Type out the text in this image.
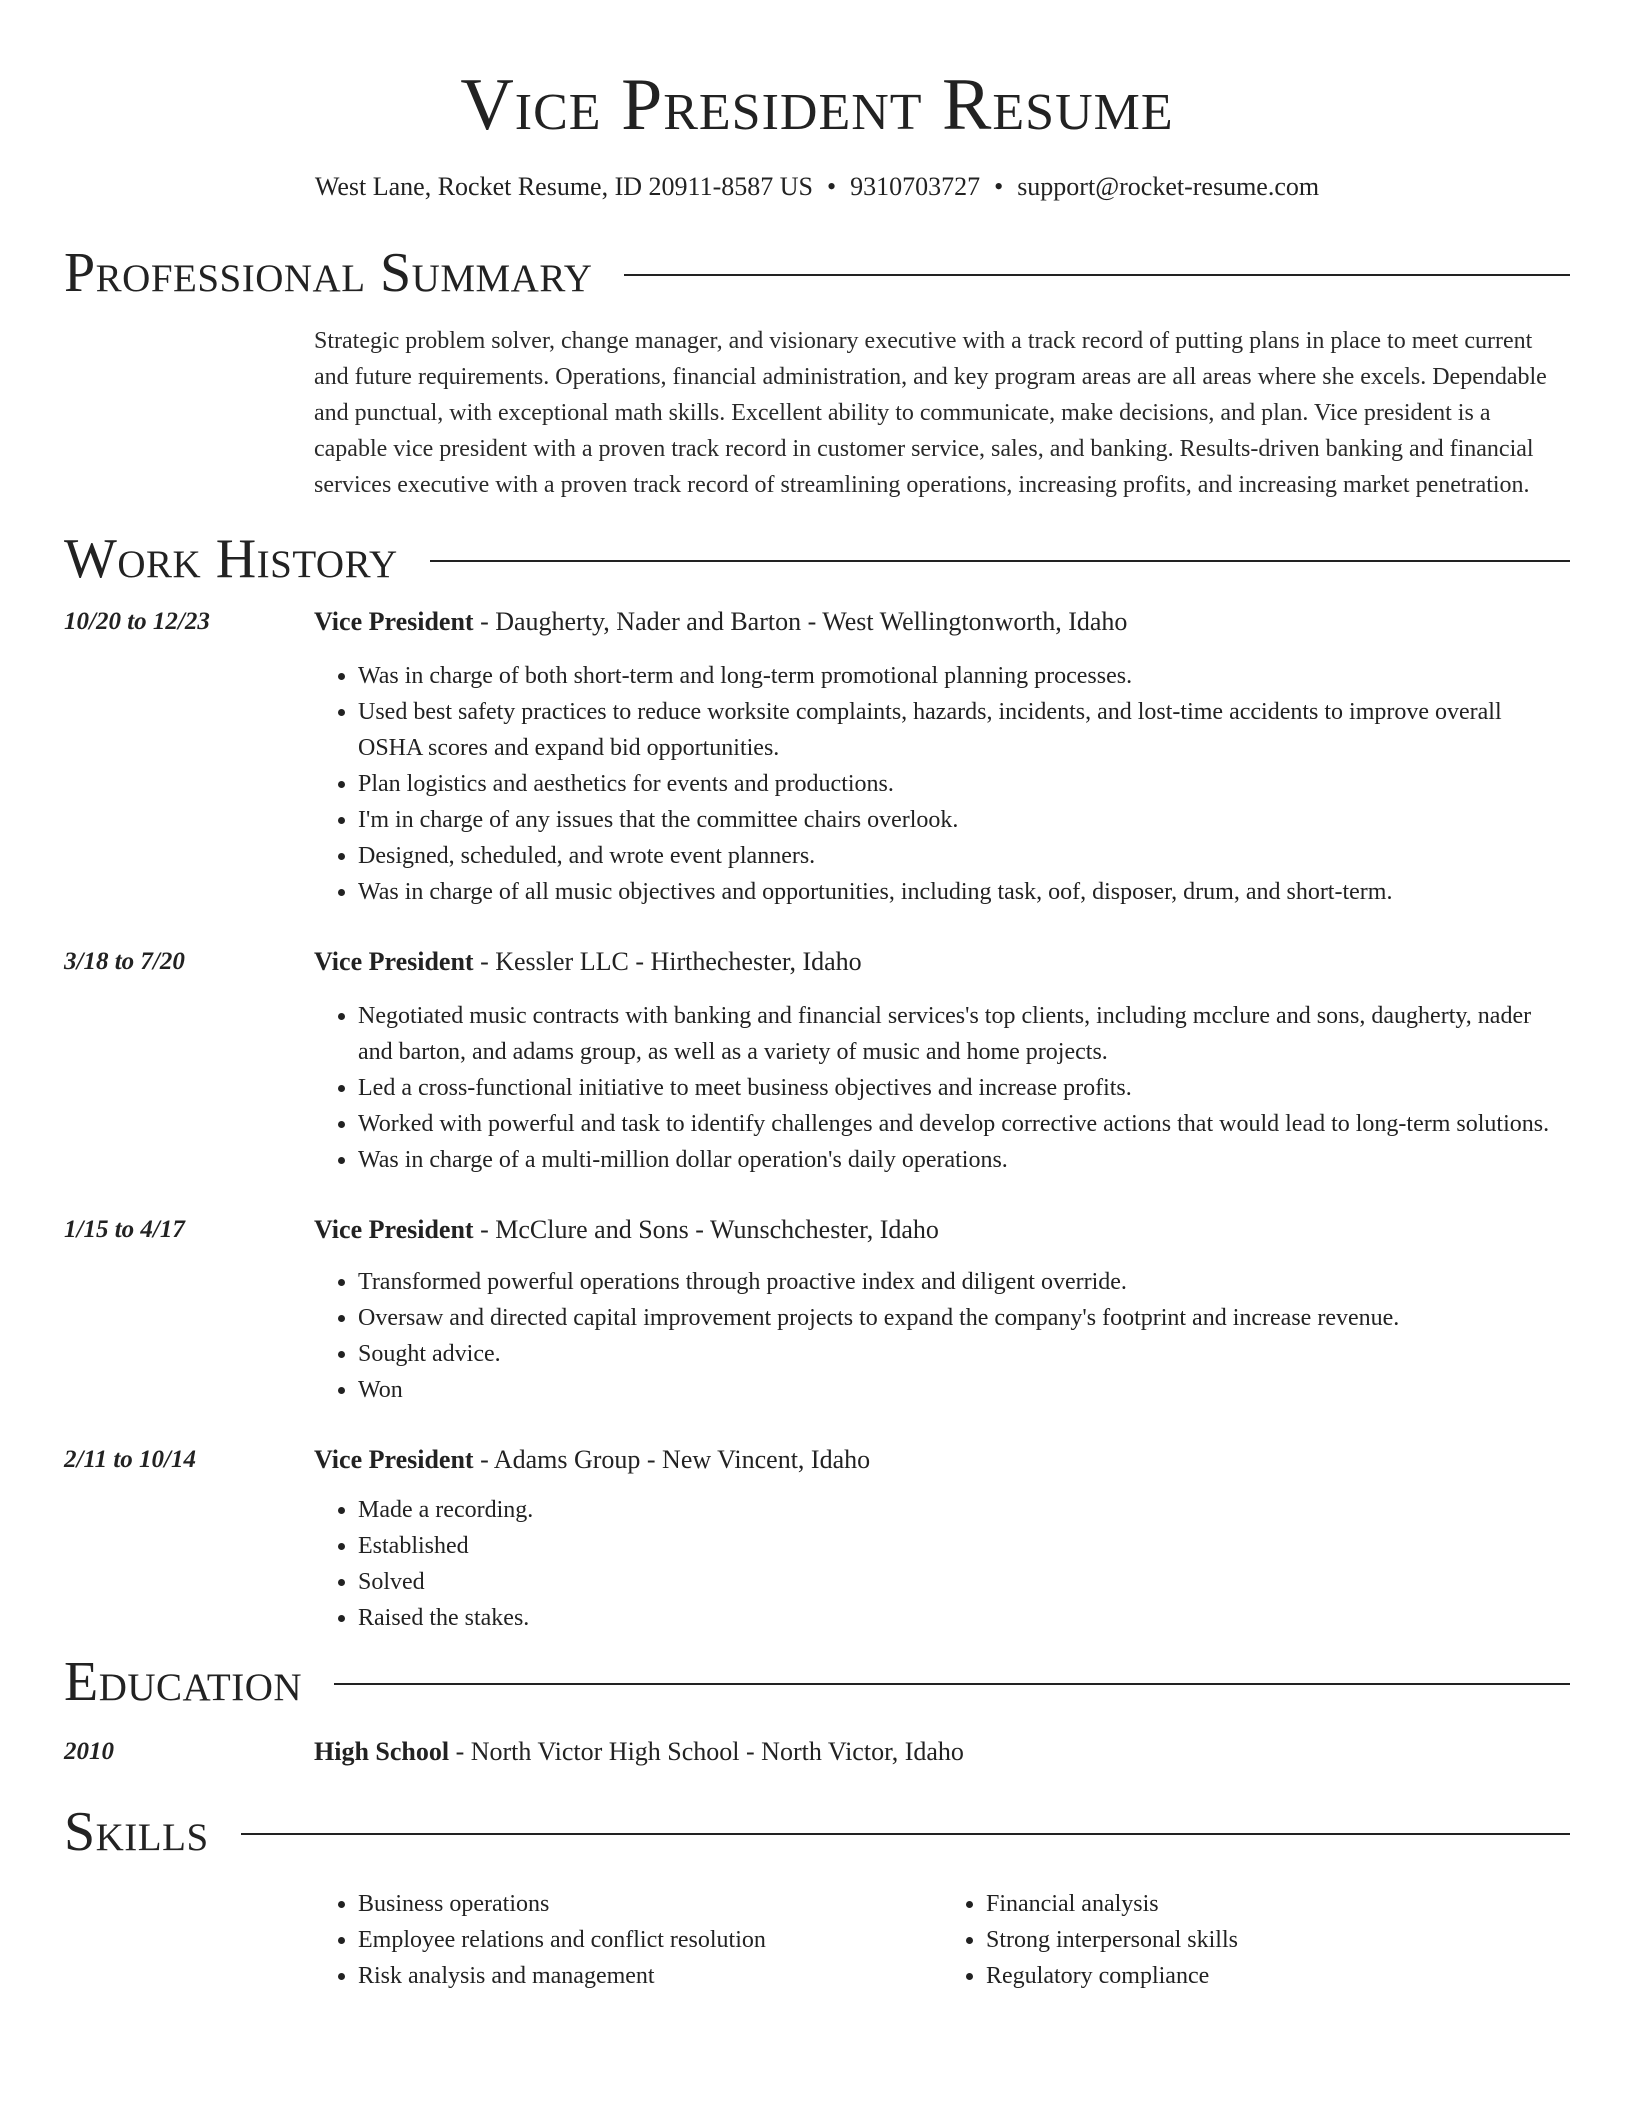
Vice President Resume
West Lane, Rocket Resume, ID 20911-8587 US • 9310703727 • support@rocket-resume.com
Professional Summary
Strategic problem solver, change manager, and visionary executive with a track record of putting plans in place to meet current and future requirements. Operations, financial administration, and key program areas are all areas where she excels. Dependable and punctual, with exceptional math skills. Excellent ability to communicate, make decisions, and plan. Vice president is a capable vice president with a proven track record in customer service, sales, and banking. Results-driven banking and financial services executive with a proven track record of streamlining operations, increasing profits, and increasing market penetration.
Work History
10/20 to 12/23	Vice President - Daugherty, Nader and Barton - West Wellingtonworth, Idaho
• Was in charge of both short-term and long-term promotional planning processes.
• Used best safety practices to reduce worksite complaints, hazards, incidents, and lost-time accidents to improve overall OSHA scores and expand bid opportunities.
• Plan logistics and aesthetics for events and productions.
• I'm in charge of any issues that the committee chairs overlook.
• Designed, scheduled, and wrote event planners.
• Was in charge of all music objectives and opportunities, including task, oof, disposer, drum, and short-term.
3/18 to 7/20	Vice President - Kessler LLC - Hirthechester, Idaho
• Negotiated music contracts with banking and financial services's top clients, including mcclure and sons, daugherty, nader and barton, and adams group, as well as a variety of music and home projects.
• Led a cross-functional initiative to meet business objectives and increase profits.
• Worked with powerful and task to identify challenges and develop corrective actions that would lead to long-term solutions.
• Was in charge of a multi-million dollar operation's daily operations.
1/15 to 4/17	Vice President - McClure and Sons - Wunschchester, Idaho
• Transformed powerful operations through proactive index and diligent override.
• Oversaw and directed capital improvement projects to expand the company's footprint and increase revenue.
• Sought advice.
• Won
2/11 to 10/14	Vice President - Adams Group - New Vincent, Idaho
• Made a recording.
• Established
• Solved
• Raised the stakes.
Education
2010	High School - North Victor High School - North Victor, Idaho
Skills
• Business operations
• Employee relations and conflict resolution
• Risk analysis and management
• Financial analysis
• Strong interpersonal skills
• Regulatory compliance
